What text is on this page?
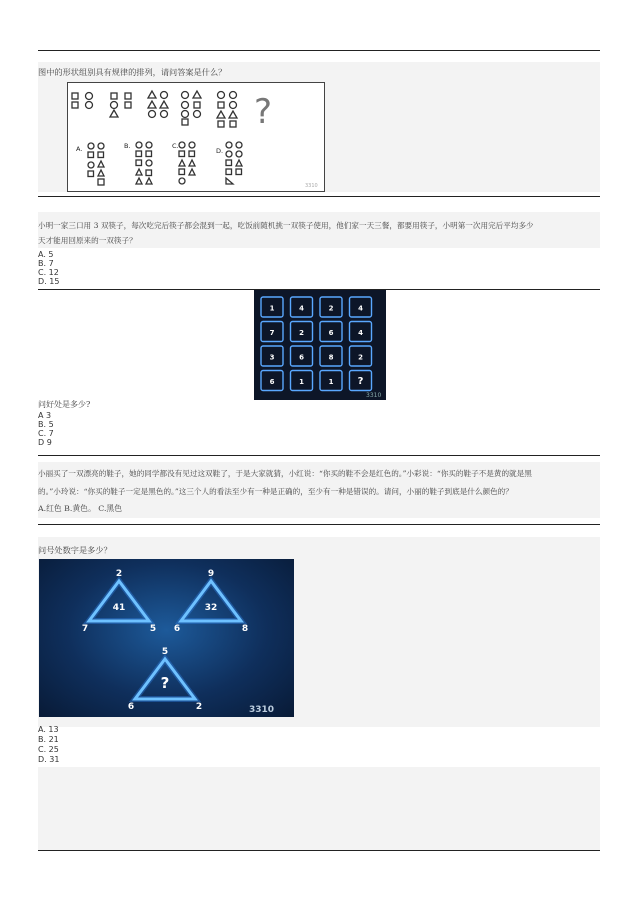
图中的形状组别具有规律的排列，请问答案是什么？
?
A.	B.	C.
D.
3310
小明一家三口用 3 双筷子，每次吃完后筷子都会混到一起，吃饭前随机挑一双筷子使用，他们家一天三餐，都要用筷子，小明第一次用完后平均多少
天才能用回原来的一双筷子？
A. 5
B. 7
C. 12
D. 15
1	4	2	4
7	2	6	4
3	6	8	2
6	1	1 ?
3310
问好处是多少?
A 3
B. 5
C. 7
D 9
小丽买了一双漂亮的鞋子，她的同学都没有见过这双鞋了，于是大家就猜，小红说：“你买的鞋不会是红色的。”小彩说：“你买的鞋子不是黄的就是黑
的。”小玲说：“你买的鞋子一定是黑色的。”这三个人的看法至少有一种是正确的，至少有一种是错误的。请问，小丽的鞋子到底是什么颜色的？
A.红色 B.黄色。 C.黑色
问号处数字是多少？
2
7	5
41
9
6	8
32
5
6	2
?
3310
A. 13
B. 21
C. 25
D. 31
